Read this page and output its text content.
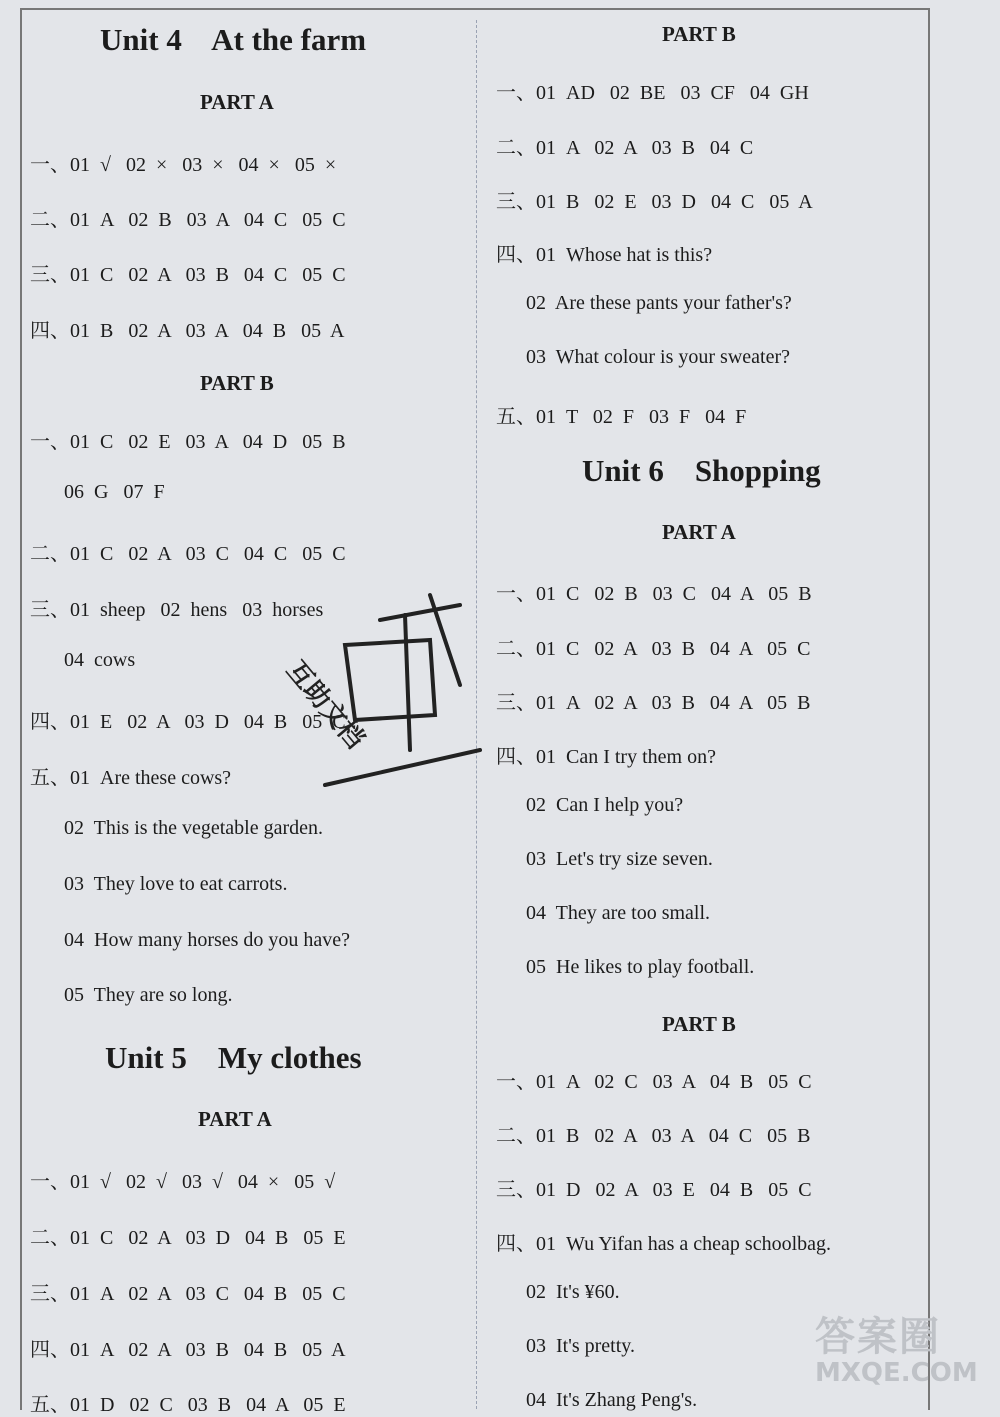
Unit 4    At the farm
PART A
一、01  √   02  ×   03  ×   04  ×   05  ×
二、01  A   02  B   03  A   04  C   05  C
三、01  C   02  A   03  B   04  C   05  C
四、01  B   02  A   03  A   04  B   05  A
PART B
一、01  C   02  E   03  A   04  D   05  B
06  G   07  F
二、01  C   02  A   03  C   04  C   05  C
三、01  sheep   02  hens   03  horses
04  cows
四、01  E   02  A   03  D   04  B   05  C
五、01  Are these cows?
02  This is the vegetable garden.
03  They love to eat carrots.
04  How many horses do you have?
05  They are so long.
Unit 5    My clothes
PART A
一、01  √   02  √   03  √   04  ×   05  √
二、01  C   02  A   03  D   04  B   05  E
三、01  A   02  A   03  C   04  B   05  C
四、01  A   02  A   03  B   04  B   05  A
五、01  D   02  C   03  B   04  A   05  E
PART B
一、01  AD   02  BE   03  CF   04  GH
二、01  A   02  A   03  B   04  C
三、01  B   02  E   03  D   04  C   05  A
四、01  Whose hat is this?
02  Are these pants your father's?
03  What colour is your sweater?
五、01  T   02  F   03  F   04  F
Unit 6    Shopping
PART A
一、01  C   02  B   03  C   04  A   05  B
二、01  C   02  A   03  B   04  A   05  C
三、01  A   02  A   03  B   04  A   05  B
四、01  Can I try them on?
02  Can I help you?
03  Let's try size seven.
04  They are too small.
05  He likes to play football.
PART B
一、01  A   02  C   03  A   04  B   05  C
二、01  B   02  A   03  A   04  C   05  B
三、01  D   02  A   03  E   04  B   05  C
四、01  Wu Yifan has a cheap schoolbag.
02  It's ¥60.
03  It's pretty.
04  It's Zhang Peng's.
互助文档
答案圈
MXQE.COM
